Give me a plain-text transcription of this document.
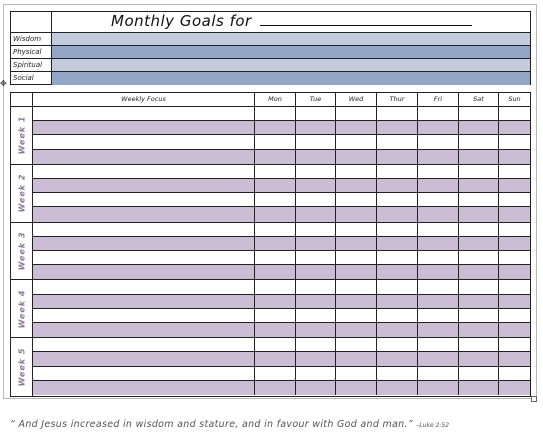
Monthly Goals for
Wisdom
Physical
Spiritual
Social
✥
Weekly Focus	Mon	Tue	Wed	Thur	Fri	Sat	Sun
Week 1
Week 2
Week 3
Week 4
Week 5
“ And Jesus increased in wisdom and stature, and in favour with God and man.” –Luke 2:52
